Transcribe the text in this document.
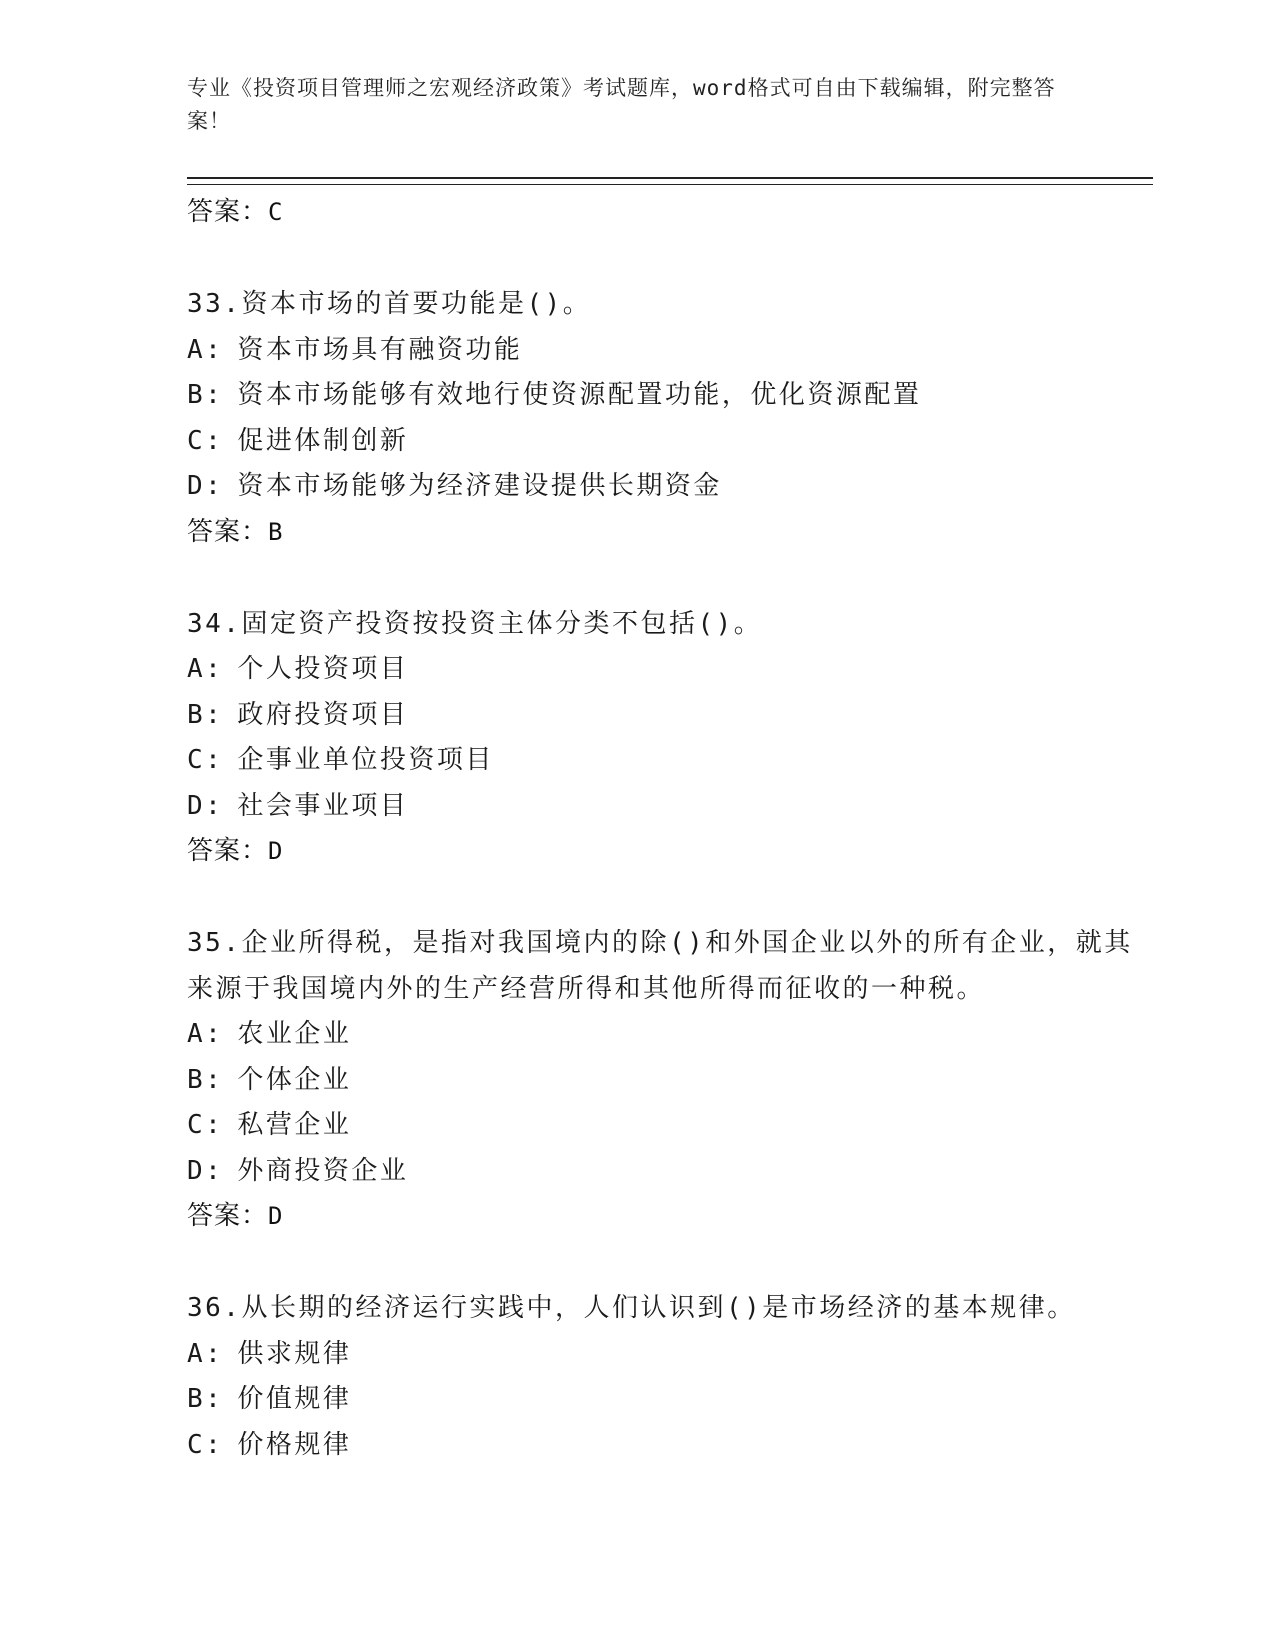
专业《投资项目管理师之宏观经济政策》考试题库，word格式可自由下载编辑，附完整答案！
答案：C
33.资本市场的首要功能是()。
A: 资本市场具有融资功能
B: 资本市场能够有效地行使资源配置功能，优化资源配置
C: 促进体制创新
D: 资本市场能够为经济建设提供长期资金
答案：B
34.固定资产投资按投资主体分类不包括()。
A: 个人投资项目
B: 政府投资项目
C: 企事业单位投资项目
D: 社会事业项目
答案：D
35.企业所得税，是指对我国境内的除()和外国企业以外的所有企业，就其来源于我国境内外的生产经营所得和其他所得而征收的一种税。
A: 农业企业
B: 个体企业
C: 私营企业
D: 外商投资企业
答案：D
36.从长期的经济运行实践中，人们认识到()是市场经济的基本规律。
A: 供求规律
B: 价值规律
C: 价格规律
